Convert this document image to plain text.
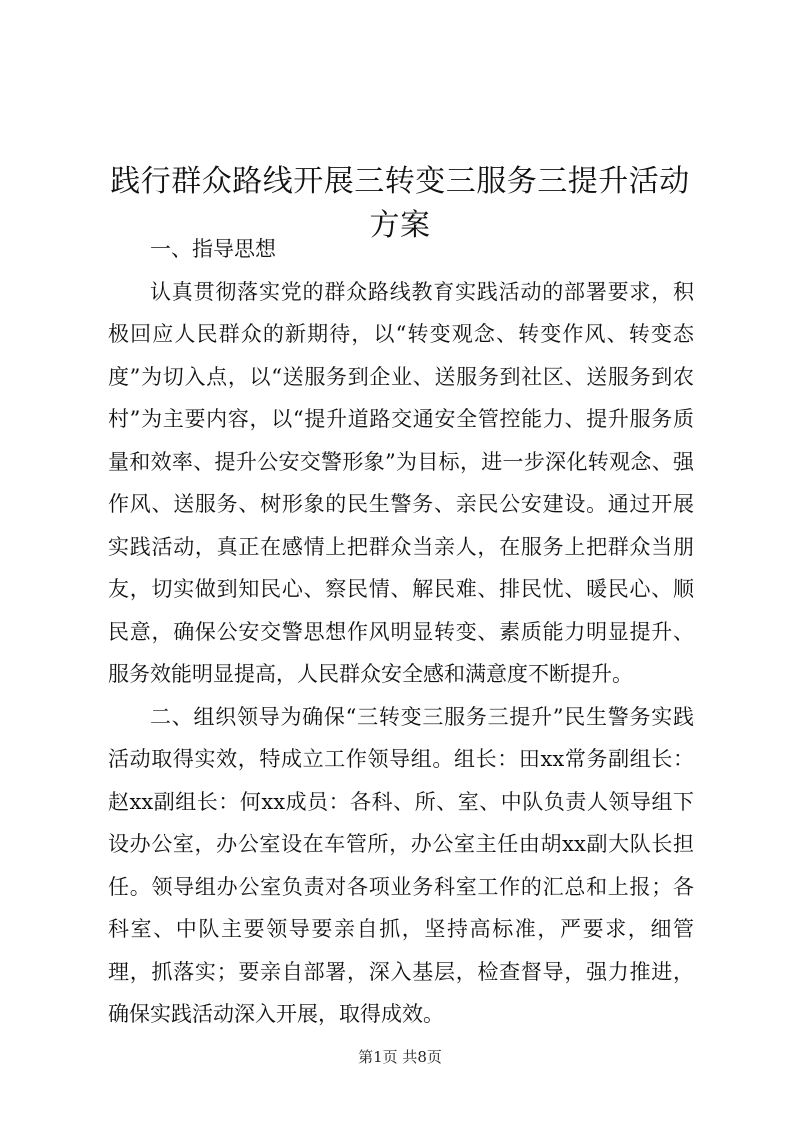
践行群众路线开展三转变三服务三提升活动方案

一、指导思想

认真贯彻落实党的群众路线教育实践活动的部署要求，积极回应人民群众的新期待，以“转变观念、转变作风、转变态度”为切入点，以“送服务到企业、送服务到社区、送服务到农村”为主要内容，以“提升道路交通安全管控能力、提升服务质量和效率、提升公安交警形象”为目标，进一步深化转观念、强作风、送服务、树形象的民生警务、亲民公安建设。通过开展实践活动，真正在感情上把群众当亲人，在服务上把群众当朋友，切实做到知民心、察民情、解民难、排民忧、暖民心、顺民意，确保公安交警思想作风明显转变、素质能力明显提升、服务效能明显提高，人民群众安全感和满意度不断提升。

二、组织领导为确保“三转变三服务三提升”民生警务实践活动取得实效，特成立工作领导组。组长：田xx常务副组长：赵xx副组长：何xx成员：各科、所、室、中队负责人领导组下设办公室，办公室设在车管所，办公室主任由胡xx副大队长担任。领导组办公室负责对各项业务科室工作的汇总和上报；各科室、中队主要领导要亲自抓，坚持高标准，严要求，细管理，抓落实；要亲自部署，深入基层，检查督导，强力推进，确保实践活动深入开展，取得成效。

第1页 共8页
